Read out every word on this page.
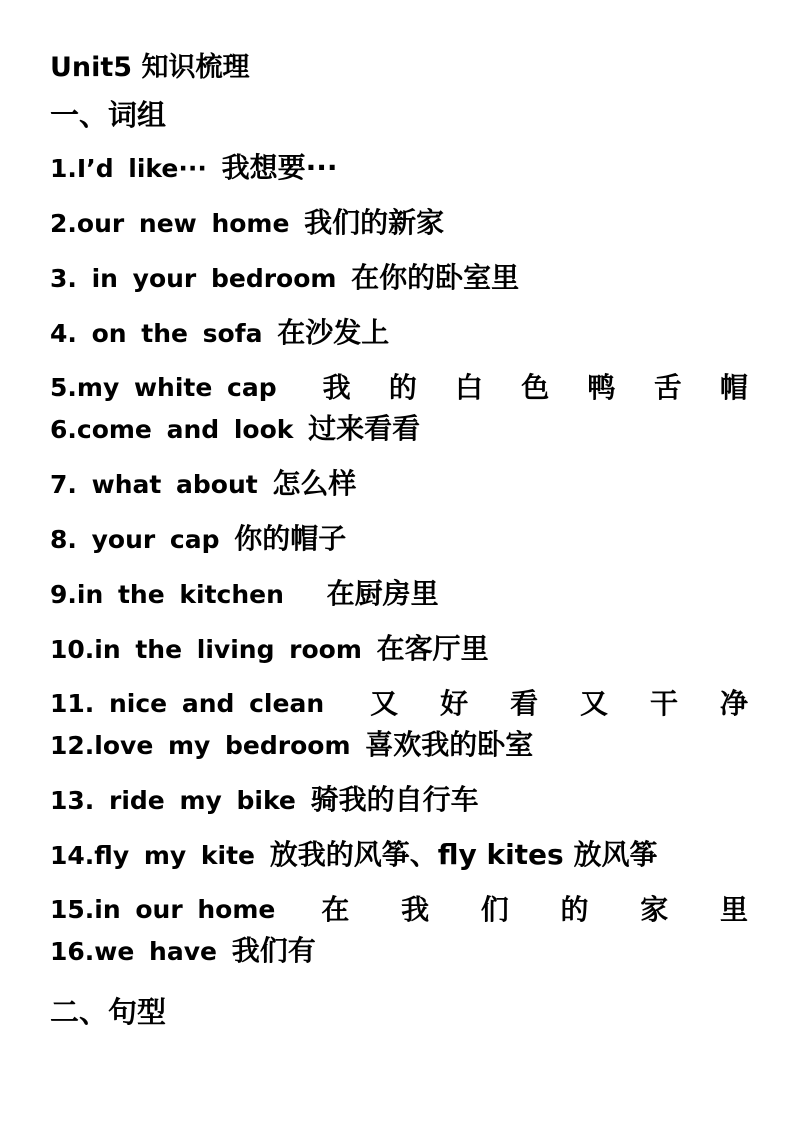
Unit5 知识梳理
一、词组
1.I’d like··· 我想要···
2.our new home 我们的新家
3. in your bedroom 在你的卧室里
4. on the sofa 在沙发上
5.my white cap 我 的 白 色 鸭 舌 帽
6.come and look 过来看看
7. what about 怎么样
8. your cap 你的帽子
9.in the kitchen 在厨房里
10.in the living room 在客厅里
11. nice and clean 又 好 看 又 干 净
12.love my bedroom 喜欢我的卧室
13. ride my bike 骑我的自行车
14.fly my kite 放我的风筝、fly kites 放风筝
15.in our home 在 我 们 的 家 里
16.we have 我们有
二、句型
